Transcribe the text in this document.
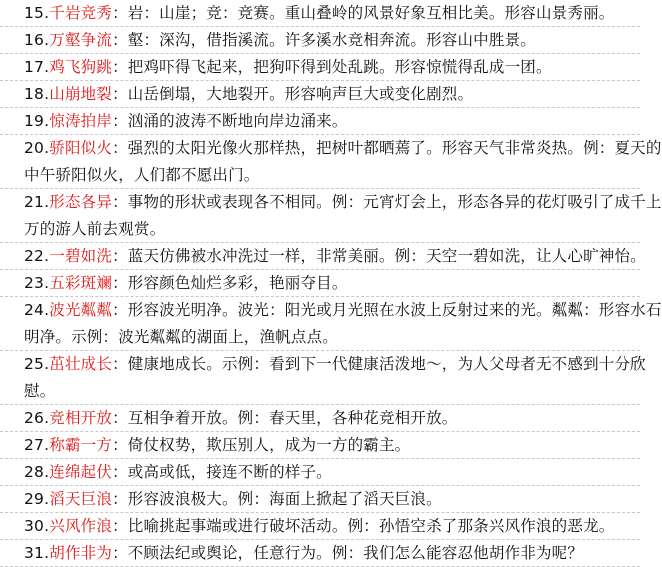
15.千岩竞秀：岩：山崖；竞：竞赛。重山叠岭的风景好象互相比美。形容山景秀丽。
16.万壑争流：壑：深沟，借指溪流。许多溪水竞相奔流。形容山中胜景。
17.鸡飞狗跳：把鸡吓得飞起来，把狗吓得到处乱跳。形容惊慌得乱成一团。
18.山崩地裂：山岳倒塌，大地裂开。形容响声巨大或变化剧烈。
19.惊涛拍岸：汹涌的波涛不断地向岸边涌来。
20.骄阳似火：强烈的太阳光像火那样热，把树叶都晒蔫了。形容天气非常炎热。例：夏天的
中午骄阳似火，人们都不愿出门。
21.形态各异：事物的形状或表现各不相同。例：元宵灯会上，形态各异的花灯吸引了成千上
万的游人前去观赏。
22.一碧如洗：蓝天仿佛被水冲洗过一样，非常美丽。例：天空一碧如洗，让人心旷神怡。
23.五彩斑斓：形容颜色灿烂多彩，艳丽夺目。
24.波光粼粼：形容波光明净。波光：阳光或月光照在水波上反射过来的光。粼粼：形容水石
明净。示例：波光粼粼的湖面上，渔帆点点。
25.茁壮成长：健康地成长。示例：看到下一代健康活泼地～，为人父母者无不感到十分欣
慰。
26.竞相开放：互相争着开放。例：春天里，各种花竞相开放。
27.称霸一方：倚仗权势，欺压别人，成为一方的霸主。
28.连绵起伏：或高或低，接连不断的样子。
29.滔天巨浪：形容波浪极大。例：海面上掀起了滔天巨浪。
30.兴风作浪：比喻挑起事端或进行破坏活动。例：孙悟空杀了那条兴风作浪的恶龙。
31.胡作非为：不顾法纪或舆论，任意行为。例：我们怎么能容忍他胡作非为呢？
